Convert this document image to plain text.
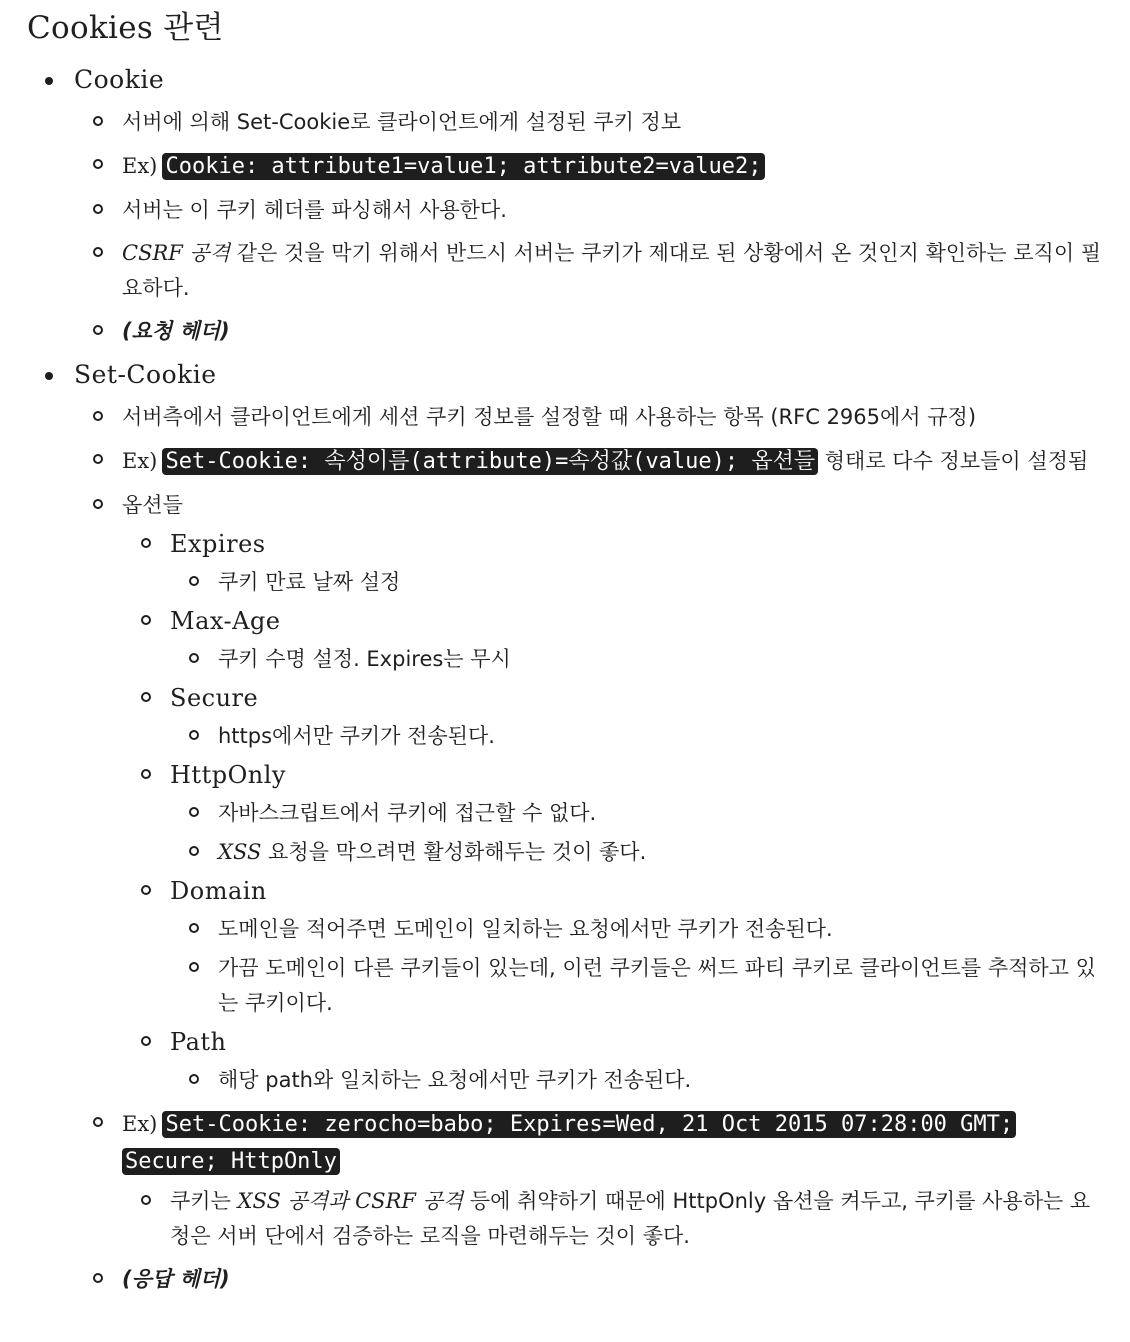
Cookies 관련
Cookie
서버에 의해 Set-Cookie로 클라이언트에게 설정된 쿠키 정보
Ex) Cookie: attribute1=value1; attribute2=value2;
서버는 이 쿠키 헤더를 파싱해서 사용한다.
CSRF 공격 같은 것을 막기 위해서 반드시 서버는 쿠키가 제대로 된 상황에서 온 것인지 확인하는 로직이 필요하다.
(요청 헤더)
Set-Cookie
서버측에서 클라이언트에게 세션 쿠키 정보를 설정할 때 사용하는 항목 (RFC 2965에서 규정)
Ex) Set-Cookie: 속성이름(attribute)=속성값(value); 옵션들 형태로 다수 정보들이 설정됨
옵션들
Expires
쿠키 만료 날짜 설정
Max-Age
쿠키 수명 설정. Expires는 무시
Secure
https에서만 쿠키가 전송된다.
HttpOnly
자바스크립트에서 쿠키에 접근할 수 없다.
XSS 요청을 막으려면 활성화해두는 것이 좋다.
Domain
도메인을 적어주면 도메인이 일치하는 요청에서만 쿠키가 전송된다.
가끔 도메인이 다른 쿠키들이 있는데, 이런 쿠키들은 써드 파티 쿠키로 클라이언트를 추적하고 있는 쿠키이다.
Path
해당 path와 일치하는 요청에서만 쿠키가 전송된다.
Ex) Set-Cookie: zerocho=babo; Expires=Wed, 21 Oct 2015 07:28:00 GMT; Secure; HttpOnly
쿠키는 XSS 공격과 CSRF 공격 등에 취약하기 때문에 HttpOnly 옵션을 켜두고, 쿠키를 사용하는 요청은 서버 단에서 검증하는 로직을 마련해두는 것이 좋다.
(응답 헤더)
